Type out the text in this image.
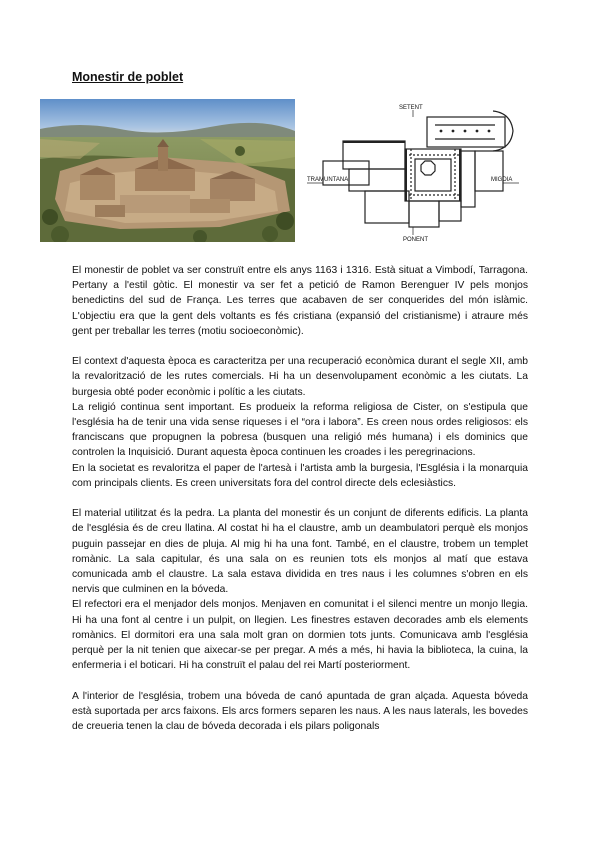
Monestir de poblet
SETENT
TRAMUNTANA	MIGDIA
PONENT

El monestir de poblet va ser construït entre els anys 1163 i 1316. Està situat a Vimbodí, Tarragona. Pertany a l'estil gòtic. El monestir va ser fet a petició de Ramon Berenguer IV pels monjos benedictins del sud de França. Les terres que acabaven de ser conquerides del món islàmic. L'objectiu era que la gent dels voltants es fés cristiana (expansió del cristianisme) i atraure més gent per treballar les terres (motiu socioeconòmic).

El context d'aquesta època es caracteritza per una recuperació econòmica durant el segle XII, amb la revalorització de les rutes comercials. Hi ha un desenvolupament econòmic a les ciutats. La burgesia obté poder econòmic i polític a les ciutats.

La religió continua sent important. Es produeix la reforma religiosa de Cister, on s'estipula que l'església ha de tenir una vida sense riqueses i el “ora i labora”. Es creen nous ordes religiosos: els franciscans que propugnen la pobresa (busquen una religió més humana) i els dominics que controlen la Inquisició. Durant aquesta època continuen les croades i les peregrinacions.

En la societat es revaloritza el paper de l'artesà i l'artista amb la burgesia, l'Església i la monarquia com principals clients. Es creen universitats fora del control directe dels eclesiàstics.

El material utilitzat és la pedra. La planta del monestir és un conjunt de diferents edificis. La planta de l'església és de creu llatina. Al costat hi ha el claustre, amb un deambulatori perquè els monjos puguin passejar en dies de pluja. Al mig hi ha una font. També, en el claustre, trobem un templet romànic. La sala capitular, és una sala on es reunien tots els monjos al matí que estava comunicada amb el claustre. La sala estava dividida en tres naus i les columnes s'obren en els nervis que culminen en la bóveda.

El refectori era el menjador dels monjos. Menjaven en comunitat i el silenci mentre un monjo llegia. Hi ha una font al centre i un pulpit, on llegien. Les finestres estaven decorades amb els elements romànics. El dormitori era una sala molt gran on dormien tots junts. Comunicava amb l'església perquè per la nit tenien que aixecar-se per pregar. A més a més, hi havia la biblioteca, la cuina, la enfermeria i el boticari. Hi ha construït el palau del rei Martí posteriorment.

A l'interior de l'església, trobem una bóveda de canó apuntada de gran alçada. Aquesta bóveda està suportada per arcs faixons. Els arcs formers separen les naus. A les naus laterals, les bovedes de creueria tenen la clau de bóveda decorada i els pilars poligonals
